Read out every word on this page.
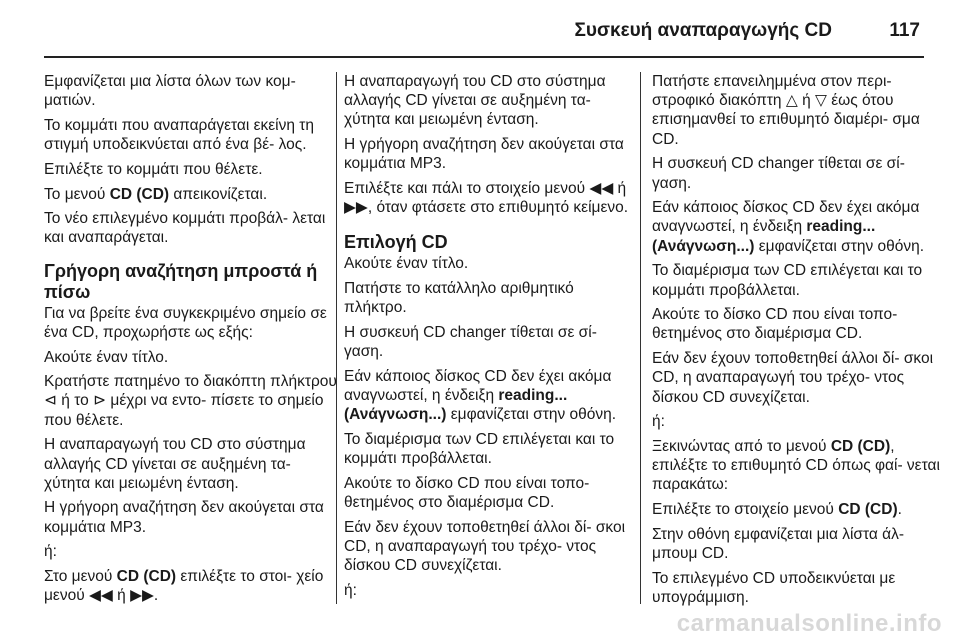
Συσκευή αναπαραγωγής CD	117

Εμφανίζεται μια λίστα όλων των κομ- ματιών.

Το κομμάτι που αναπαράγεται εκείνη τη στιγμή υποδεικνύεται από ένα βέ- λος.

Επιλέξτε το κομμάτι που θέλετε.

Το μενού CD (CD) απεικονίζεται.

Το νέο επιλεγμένο κομμάτι προβάλ- λεται και αναπαράγεται.

Γρήγορη αναζήτηση μπροστά ή πίσω

Για να βρείτε ένα συγκεκριμένο σημείο σε ένα CD, προχωρήστε ως εξής:

Ακούτε έναν τίτλο.

Κρατήστε πατημένο το διακόπτη πλήκτρου ⊲ ή το ⊳ μέχρι να εντο- πίσετε το σημείο που θέλετε.

Η αναπαραγωγή του CD στο σύστημα αλλαγής CD γίνεται σε αυξημένη τα- χύτητα και μειωμένη ένταση.

Η γρήγορη αναζήτηση δεν ακούγεται στα κομμάτια MP3.

ή:

Στο μενού CD (CD) επιλέξτε το στοι- χείο μενού ◀◀ ή ▶▶.

Η αναπαραγωγή του CD στο σύστημα αλλαγής CD γίνεται σε αυξημένη τα- χύτητα και μειωμένη ένταση.

Η γρήγορη αναζήτηση δεν ακούγεται στα κομμάτια MP3.

Επιλέξτε και πάλι το στοιχείο μενού ◀◀ ή ▶▶, όταν φτάσετε στο επιθυμητό κείμενο.

Επιλογή CD

Ακούτε έναν τίτλο.

Πατήστε το κατάλληλο αριθμητικό πλήκτρο.

Η συσκευή CD changer τίθεται σε σί- γαση.

Εάν κάποιος δίσκος CD δεν έχει ακόμα αναγνωστεί, η ένδειξη reading... (Ανάγνωση...) εμφανίζεται στην οθόνη.

Το διαμέρισμα των CD επιλέγεται και το κομμάτι προβάλλεται.

Ακούτε το δίσκο CD που είναι τοπο- θετημένος στο διαμέρισμα CD.

Εάν δεν έχουν τοποθετηθεί άλλοι δί- σκοι CD, η αναπαραγωγή του τρέχο- ντος δίσκου CD συνεχίζεται.

ή:

Πατήστε επανειλημμένα στον περι- στροφικό διακόπτη △ ή ▽ έως ότου επισημανθεί το επιθυμητό διαμέρι- σμα CD.

Η συσκευή CD changer τίθεται σε σί- γαση.

Εάν κάποιος δίσκος CD δεν έχει ακόμα αναγνωστεί, η ένδειξη reading... (Ανάγνωση...) εμφανίζεται στην οθόνη.

Το διαμέρισμα των CD επιλέγεται και το κομμάτι προβάλλεται.

Ακούτε το δίσκο CD που είναι τοπο- θετημένος στο διαμέρισμα CD.

Εάν δεν έχουν τοποθετηθεί άλλοι δί- σκοι CD, η αναπαραγωγή του τρέχο- ντος δίσκου CD συνεχίζεται.

ή:

Ξεκινώντας από το μενού CD (CD), επιλέξτε το επιθυμητό CD όπως φαί- νεται παρακάτω:

Επιλέξτε το στοιχείο μενού CD (CD).

Στην οθόνη εμφανίζεται μια λίστα άλ- μπουμ CD.

Το επιλεγμένο CD υποδεικνύεται με υπογράμμιση.

carmanualsonline.info
